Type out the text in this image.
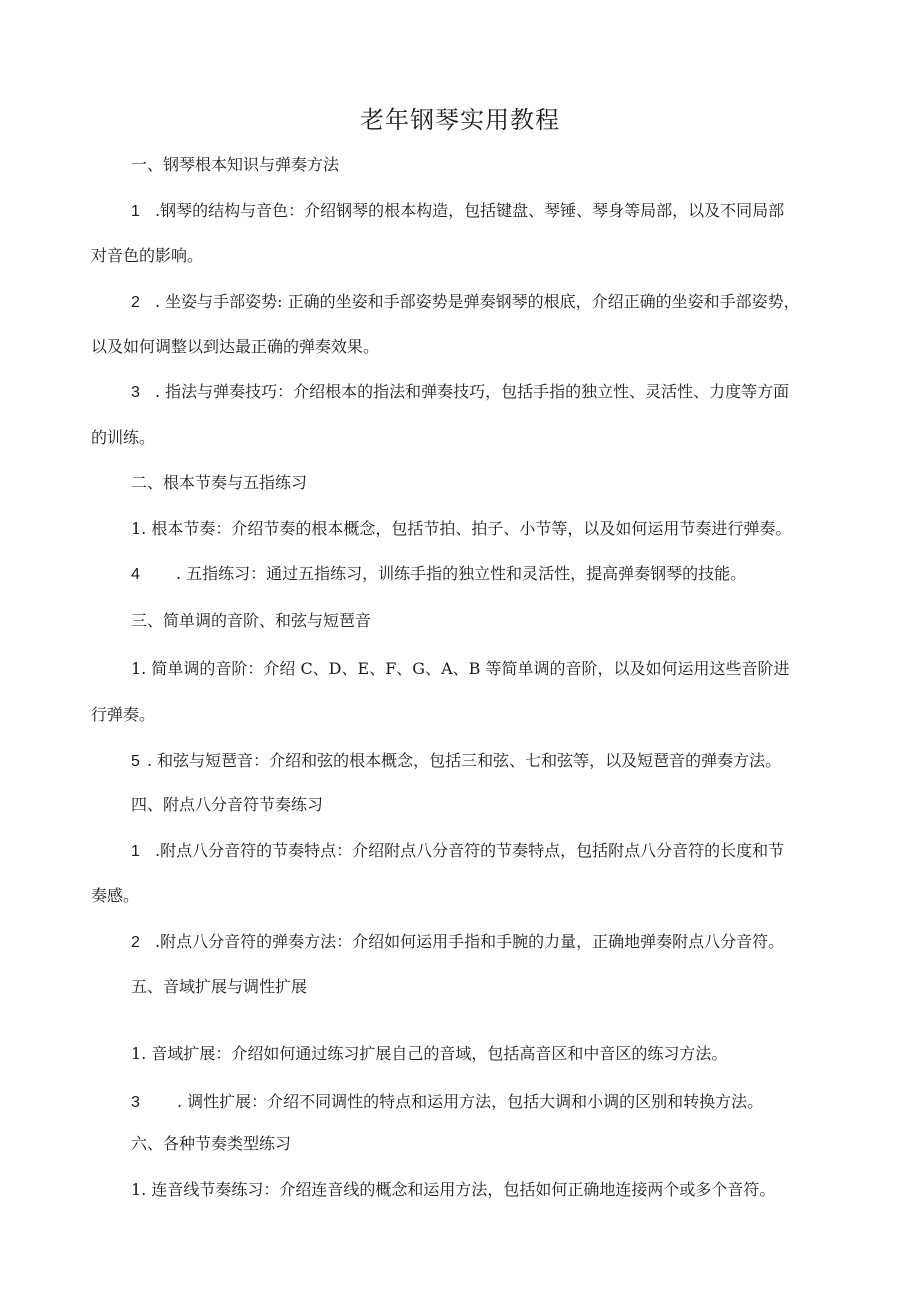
老年钢琴实用教程
一、钢琴根本知识与弹奏方法
1 .钢琴的结构与音色：介绍钢琴的根本构造，包括键盘、琴锤、琴身等局部，以及不同局部
对音色的影响。
2 . 坐姿与手部姿势: 正确的坐姿和手部姿势是弹奏钢琴的根底，介绍正确的坐姿和手部姿势，
以及如何调整以到达最正确的弹奏效果。
3 . 指法与弹奏技巧：介绍根本的指法和弹奏技巧，包括手指的独立性、灵活性、力度等方面
的训练。
二、根本节奏与五指练习
1. 根本节奏：介绍节奏的根本概念，包括节拍、拍子、小节等，以及如何运用节奏进行弹奏。
4 . 五指练习：通过五指练习，训练手指的独立性和灵活性，提高弹奏钢琴的技能。
三、简单调的音阶、和弦与短琶音
1. 简单调的音阶：介绍 C、D、E、F、G、A、B 等简单调的音阶，以及如何运用这些音阶进
行弹奏。
5 . 和弦与短琶音：介绍和弦的根本概念，包括三和弦、七和弦等，以及短琶音的弹奏方法。
四、附点八分音符节奏练习
1 .附点八分音符的节奏特点：介绍附点八分音符的节奏特点，包括附点八分音符的长度和节
奏感。
2 .附点八分音符的弹奏方法：介绍如何运用手指和手腕的力量，正确地弹奏附点八分音符。
五、音域扩展与调性扩展
1. 音域扩展：介绍如何通过练习扩展自己的音域，包括高音区和中音区的练习方法。
3 . 调性扩展：介绍不同调性的特点和运用方法，包括大调和小调的区别和转换方法。
六、各种节奏类型练习
1. 连音线节奏练习：介绍连音线的概念和运用方法，包括如何正确地连接两个或多个音符。
